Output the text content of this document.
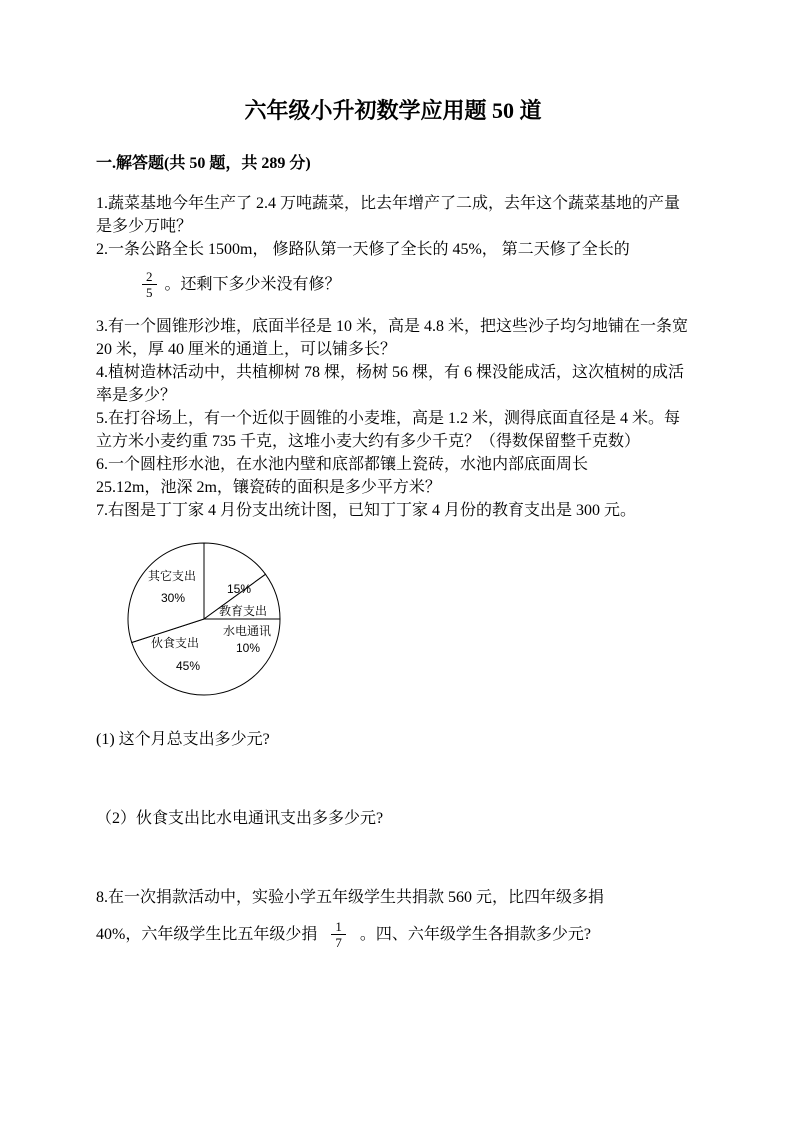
六年级小升初数学应用题 50 道
一.解答题(共 50 题，共 289 分)

1.蔬菜基地今年生产了 2.4 万吨蔬菜，比去年增产了二成，去年这个蔬菜基地的产量是多少万吨？

2.一条公路全长 1500m， 修路队第一天修了全长的 45%， 第二天修了全长的

$\frac{2}{5}$ 。还剩下多少米没有修？

3.有一个圆锥形沙堆，底面半径是 10 米，高是 4.8 米，把这些沙子均匀地铺在一条宽 20 米，厚 40 厘米的通道上，可以铺多长？

4.植树造林活动中，共植柳树 78 棵，杨树 56 棵，有 6 棵没能成活，这次植树的成活率是多少？

5.在打谷场上，有一个近似于圆锥的小麦堆，高是 1.2 米，测得底面直径是 4 米。每立方米小麦约重 735 千克，这堆小麦大约有多少千克？（得数保留整千克数）

6.一个圆柱形水池，在水池内壁和底部都镶上瓷砖，水池内部底面周长

25.12m，池深 2m，镶瓷砖的面积是多少平方米？

7.右图是丁丁家 4 月份支出统计图，已知丁丁家 4 月份的教育支出是 300 元。

其它支出
30%
15%
教育支出
水电通讯
10%
伙食支出
45%

(1) 这个月总支出多少元?

（2）伙食支出比水电通讯支出多多少元?

8.在一次捐款活动中，实验小学五年级学生共捐款 560 元，比四年级多捐

40%，六年级学生比五年级少捐 $\frac{1}{7}$ 。四、六年级学生各捐款多少元?
